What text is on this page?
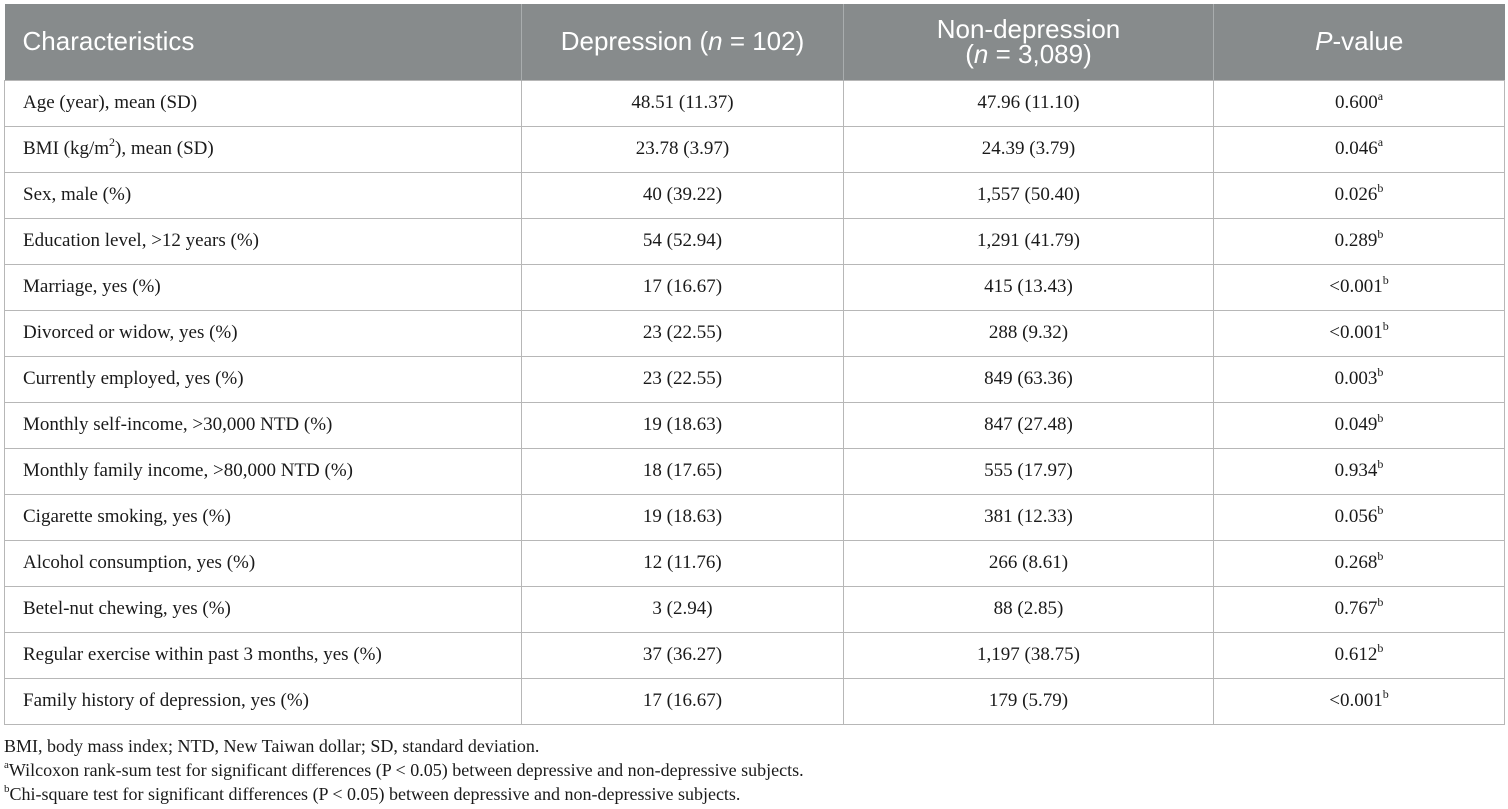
Characteristics	Depression (n = 102)	Non-depression
(n = 3,089)	P-value
Age (year), mean (SD)	48.51 (11.37)	47.96 (11.10)	0.600$^a$
BMI $(kg/m^2)$, mean (SD)	23.78 (3.97)	24.39 (3.79)	0.046$^a$
Sex, male (%)	40 (39.22)	1,557 (50.40)	0.026$^b$
Education level, >12 years (%)	54 (52.94)	1,291 (41.79)	0.289$^b$
Marriage, yes (%)	17 (16.67)	415 (13.43)	<0.001$^b$
Divorced or widow, yes (%)	23 (22.55)	288 (9.32)	<0.001$^b$
Currently employed, yes (%)	23 (22.55)	849 (63.36)	0.003$^b$
Monthly self-income, >30,000 NTD (%)	19 (18.63)	847 (27.48)	0.049$^b$
Monthly family income, >80,000 NTD (%)	18 (17.65)	555 (17.97)	0.934$^b$
Cigarette smoking, yes (%)	19 (18.63)	381 (12.33)	0.056$^b$
Alcohol consumption, yes (%)	12 (11.76)	266 (8.61)	0.268$^b$
Betel-nut chewing, yes (%)	3 (2.94)	88 (2.85)	0.767$^b$
Regular exercise within past 3 months, yes (%)	37 (36.27)	1,197 (38.75)	0.612$^b$
Family history of depression, yes (%)	17 (16.67)	179 (5.79)	<0.001$^b$

BMI, body mass index; NTD, New Taiwan dollar; SD, standard deviation.

$^a$Wilcoxon rank-sum test for significant differences (P < 0.05) between depressive and non-depressive subjects.

$^b$Chi-square test for significant differences (P < 0.05) between depressive and non-depressive subjects.
